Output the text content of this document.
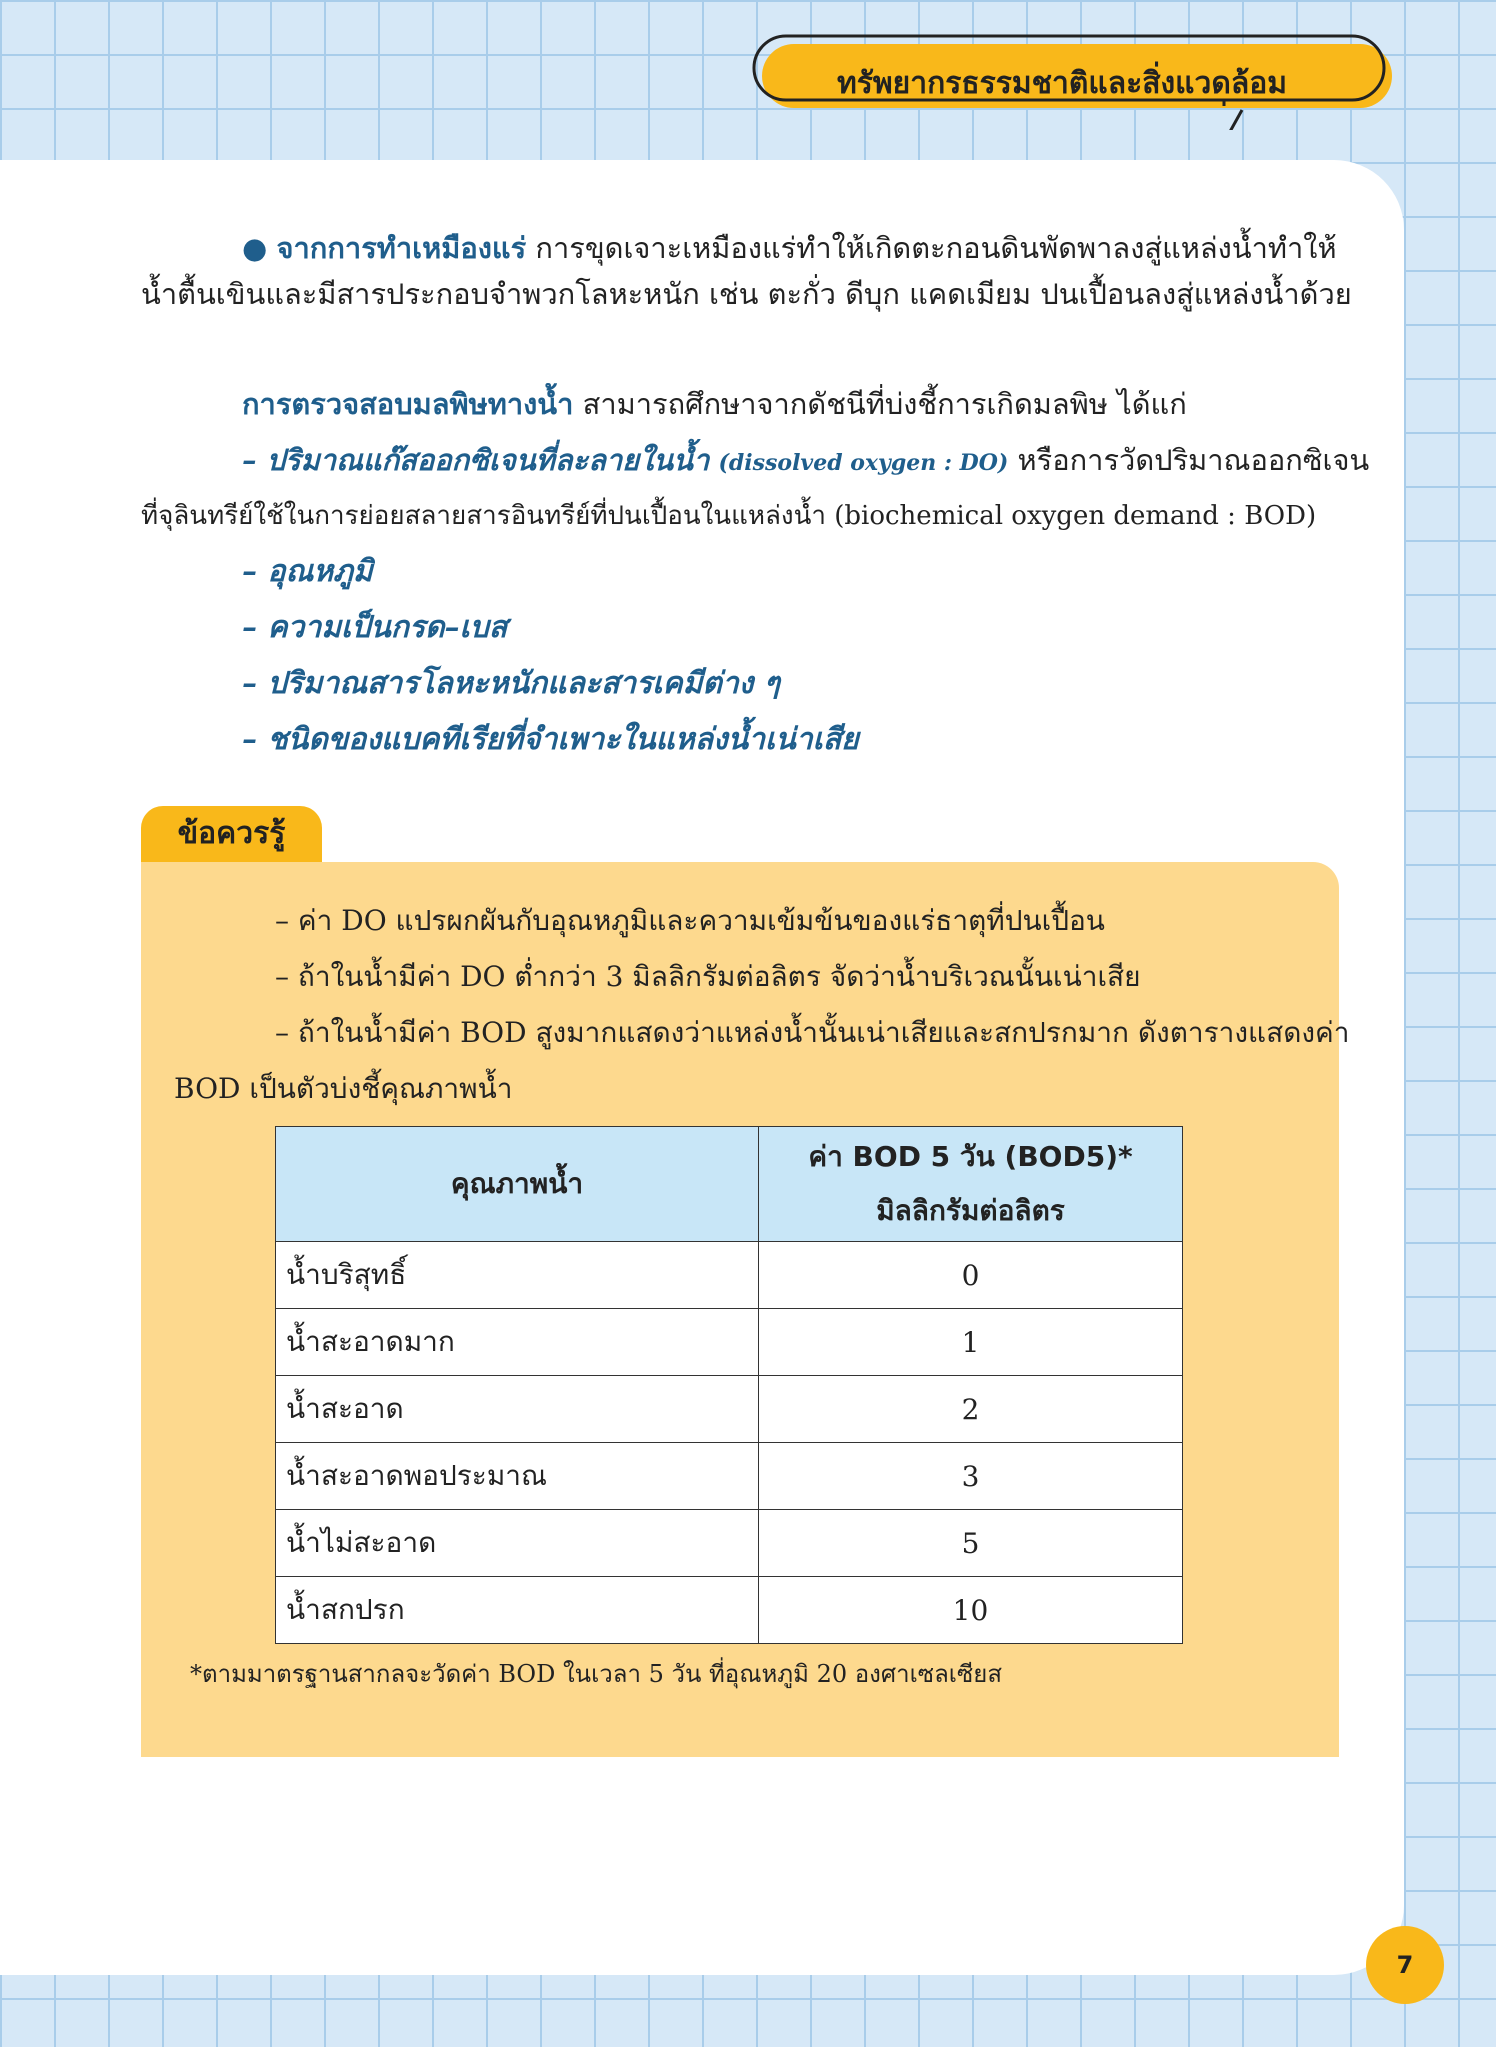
ทรัพยากรธรรมชาติและสิ่งแวดล้อม

● จากการทำเหมืองแร่ การขุดเจาะเหมืองแร่ทำให้เกิดตะกอนดินพัดพาลงสู่แหล่งน้ำทำให้

น้ำตื้นเขินและมีสารประกอบจำพวกโลหะหนัก เช่น ตะกั่ว ดีบุก แคดเมียม ปนเปื้อนลงสู่แหล่งน้ำด้วย

การตรวจสอบมลพิษทางน้ำ สามารถศึกษาจากดัชนีที่บ่งชี้การเกิดมลพิษ ได้แก่

– ปริมาณแก๊สออกซิเจนที่ละลายในน้ำ (dissolved oxygen : DO) หรือการวัดปริมาณออกซิเจน

ที่จุลินทรีย์ใช้ในการย่อยสลายสารอินทรีย์ที่ปนเปื้อนในแหล่งน้ำ (biochemical oxygen demand : BOD)

– อุณหภูมิ
– ความเป็นกรด–เบส
– ปริมาณสารโลหะหนักและสารเคมีต่าง ๆ
– ชนิดของแบคทีเรียที่จำเพาะในแหล่งน้ำเน่าเสีย
ข้อควรรู้
– ค่า DO แปรผกผันกับอุณหภูมิและความเข้มข้นของแร่ธาตุที่ปนเปื้อน
– ถ้าในน้ำมีค่า DO ต่ำกว่า 3 มิลลิกรัมต่อลิตร จัดว่าน้ำบริเวณนั้นเน่าเสีย
– ถ้าในน้ำมีค่า BOD สูงมากแสดงว่าแหล่งน้ำนั้นเน่าเสียและสกปรกมาก ดังตารางแสดงค่า
BOD เป็นตัวบ่งชี้คุณภาพน้ำ
คุณภาพน้ำ	ค่า BOD 5 วัน (BOD5)*
มิลลิกรัมต่อลิตร

น้ำบริสุทธิ์	0
น้ำสะอาดมาก	1
น้ำสะอาด	2
น้ำสะอาดพอประมาณ	3
น้ำไม่สะอาด	5
น้ำสกปรก	10
*ตามมาตรฐานสากลจะวัดค่า BOD ในเวลา 5 วัน ที่อุณหภูมิ 20 องศาเซลเซียส
7
